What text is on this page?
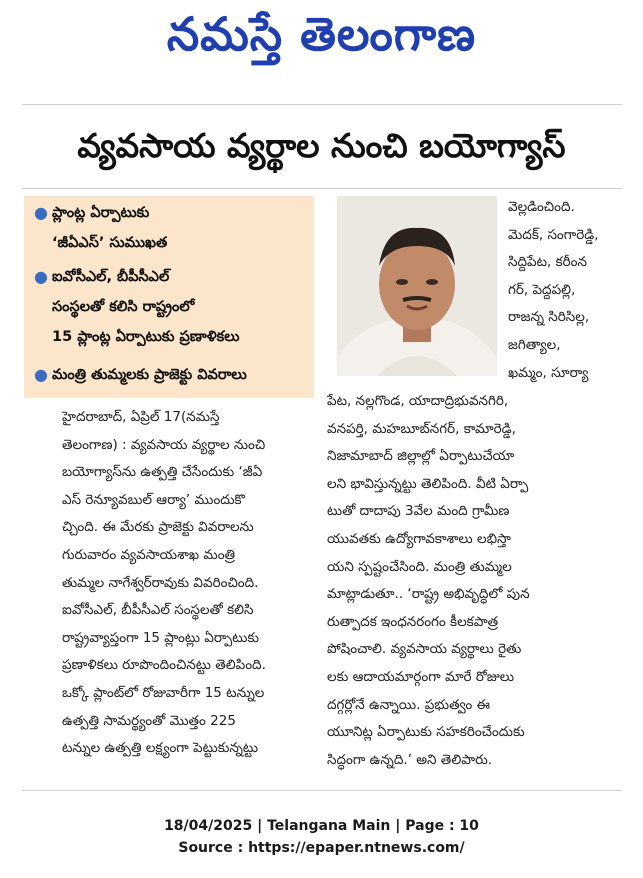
నమస్తే తెలంగాణ
వ్యవసాయ వ్యర్థాల నుంచి బయోగ్యాస్
● ప్లాంట్ల ఏర్పాటుకు
‘జీఏఎస్’ సుముఖత
● ఐవోసీఎల్, బీపీసీఎల్
సంస్థలతో కలిసి రాష్ట్రంలో
15 ప్లాంట్ల ఏర్పాటుకు ప్రణాళికలు
● మంత్రి తుమ్మలకు ప్రాజెక్టు వివరాలు
వెల్లడించింది.
మెదక్, సంగారెడ్డి,
సిద్దిపేట, కరీంన
గర్, పెద్దపల్లి,
రాజన్న సిరిసిల్ల,
జగిత్యాల,
హైదరాబాద్, ఏప్రిల్ 17(నమస్తే
తెలంగాణ) : వ్యవసాయ వ్యర్థాల నుంచి
బయోగ్యాస్‌ను ఉత్పత్తి చేసేందుకు ‘జీఏ
ఎస్ రెన్యూవబుల్ ఆర్యా’ ముందుకొ
చ్చింది. ఈ మేరకు ప్రాజెక్టు వివరాలను
గురువారం వ్యవసాయశాఖ మంత్రి
తుమ్మల నాగేశ్వర్‌రావుకు వివరించింది.
ఐవోసీఎల్, బీపీసీఎల్ సంస్థలతో కలిసి
రాష్ట్రవ్యాప్తంగా 15 ప్లాంట్లు ఏర్పాటుకు
ప్రణాళికలు రూపొందించినట్టు తెలిపింది.
ఒక్కో ప్లాంట్‌లో రోజువారీగా 15 టన్నుల
ఉత్పత్తి సామర్థ్యంతో మొత్తం 225
టన్నుల ఉత్పత్తి లక్ష్యంగా పెట్టుకున్నట్టు
ఖమ్మం, సూర్యా
పేట, నల్లగొండ, యాదాద్రిభువనగిరి,
వనపర్తి, మహబూబ్‌నగర్, కామారెడ్డి,
నిజామాబాద్ జిల్లాల్లో ఏర్పాటుచేయా
లని భావిస్తున్నట్టు తెలిపింది. వీటి ఏర్పా
టుతో దాదాపు 3వేల మంది గ్రామీణ
యువతకు ఉద్యోగావకాశాలు లభిస్తా
యని స్పష్టంచేసింది. మంత్రి తుమ్మల
మాట్లాడుతూ.. ‘రాష్ట్ర అభివృద్ధిలో పున
రుత్పాదక ఇంధనరంగం కీలకపాత్ర
పోషించాలి. వ్యవసాయ వ్యర్థాలు రైతు
లకు ఆదాయమార్గంగా మారే రోజులు
దగ్గర్లోనే ఉన్నాయి. ప్రభుత్వం ఈ
యూనిట్ల ఏర్పాటుకు సహకరించేందుకు
సిద్ధంగా ఉన్నది.’ అని తెలిపారు.
18/04/2025 | Telangana Main | Page : 10
Source : https://epaper.ntnews.com/
